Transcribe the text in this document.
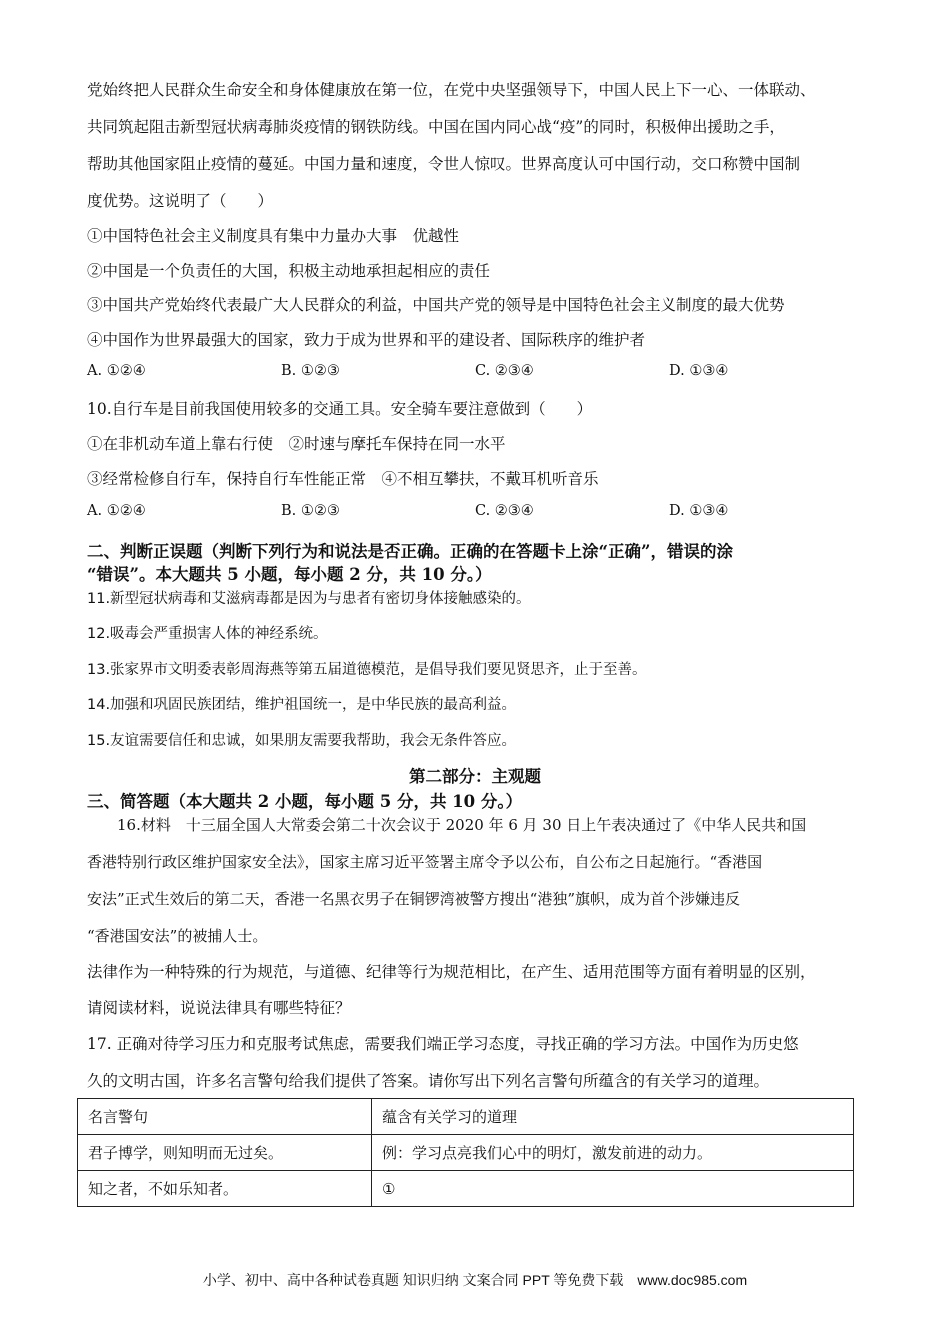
党始终把人民群众生命安全和身体健康放在第一位，在党中央坚强领导下，中国人民上下一心、一体联动、
共同筑起阻击新型冠状病毒肺炎疫情的钢铁防线。中国在国内同心战“疫”的同时，积极伸出援助之手，
帮助其他国家阻止疫情的蔓延。中国力量和速度，令世人惊叹。世界高度认可中国行动，交口称赞中国制
度优势。这说明了（　　）
①中国特色社会主义制度具有集中力量办大事　优越性
②中国是一个负责任的大国，积极主动地承担起相应的责任
③中国共产党始终代表最广大人民群众的利益，中国共产党的领导是中国特色社会主义制度的最大优势
④中国作为世界最强大的国家，致力于成为世界和平的建设者、国际秩序的维护者
A. ①②④	B. ①②③	C. ②③④	D. ①③④
10.自行车是目前我国使用较多的交通工具。安全骑车要注意做到（　　）
①在非机动车道上靠右行使　②时速与摩托车保持在同一水平
③经常检修自行车，保持自行车性能正常　④不相互攀扶，不戴耳机听音乐
A. ①②④	B. ①②③	C. ②③④	D. ①③④
二、判断正误题（判断下列行为和说法是否正确。正确的在答题卡上涂“正确”，错误的涂
“错误”。本大题共 5 小题，每小题 2 分，共 10 分。）
11.新型冠状病毒和艾滋病毒都是因为与患者有密切身体接触感染的。
12.吸毒会严重损害人体的神经系统。
13.张家界市文明委表彰周海燕等第五届道德模范，是倡导我们要见贤思齐，止于至善。
14.加强和巩固民族团结，维护祖国统一，是中华民族的最高利益。
15.友谊需要信任和忠诚，如果朋友需要我帮助，我会无条件答应。
第二部分：主观题
三、简答题（本大题共 2 小题，每小题 5 分，共 10 分。）
16.材料　十三届全国人大常委会第二十次会议于 2020 年 6 月 30 日上午表决通过了《中华人民共和国
香港特别行政区维护国家安全法》，国家主席习近平签署主席令予以公布，自公布之日起施行。“香港国
安法”正式生效后的第二天，香港一名黑衣男子在铜锣湾被警方搜出“港独”旗帜，成为首个涉嫌违反
“香港国安法”的被捕人士。
法律作为一种特殊的行为规范，与道德、纪律等行为规范相比，在产生、适用范围等方面有着明显的区别，
请阅读材料，说说法律具有哪些特征？
17. 正确对待学习压力和克服考试焦虑，需要我们端正学习态度，寻找正确的学习方法。中国作为历史悠
久的文明古国，许多名言警句给我们提供了答案。请你写出下列名言警句所蕴含的有关学习的道理。
名言警句	蕴含有关学习的道理
君子博学，则知明而无过矣。	例：学习点亮我们心中的明灯，激发前进的动力。
知之者，不如乐知者。	①
小学、初中、高中各种试卷真题 知识归纳 文案合同 PPT 等免费下载　www.doc985.com
